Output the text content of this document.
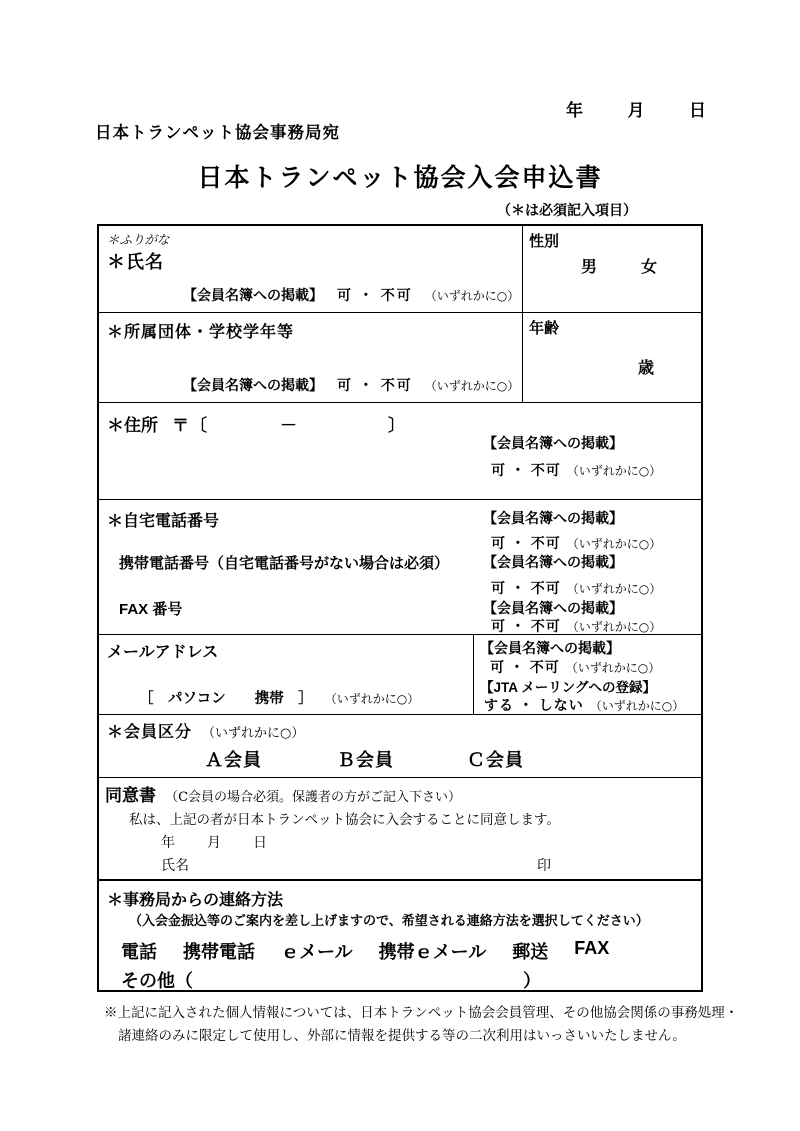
年	月	日
日本トランペット協会事務局宛
日本トランペット協会入会申込書
（＊は必須記入項目）
＊ふりがな
＊氏名
【会員名簿への掲載】 可 ・ 不可 （いずれかに○）
性別
男	女
＊所属団体・学校学年等
【会員名簿への掲載】 可 ・ 不可 （いずれかに○）
年齢
歳
＊住所 〒〔　　　　－　　　　　〕
【会員名簿への掲載】
可 ・ 不可 （いずれかに○）
＊自宅電話番号	【会員名簿への掲載】
可 ・ 不可 （いずれかに○）
携帯電話番号（自宅電話番号がない場合は必須） 【会員名簿への掲載】
可 ・ 不可 （いずれかに○）
FAX 番号	【会員名簿への掲載】
可 ・ 不可 （いずれかに○）
メールアドレス
［　パソコン　　携帯　］ （いずれかに○）
【会員名簿への掲載】
可 ・ 不可 （いずれかに○）
【JTA メーリングへの登録】
する ・ しない （いずれかに○）
＊会員区分 （いずれかに○）
Ａ会員	Ｂ会員	Ｃ会員
同意書 （C会員の場合必須。保護者の方がご記入下さい）
私は、上記の者が日本トランペット協会に入会することに同意します。
年 月 日
氏名	印
＊事務局からの連絡方法
（入会金振込等のご案内を差し上げますので、希望される連絡方法を選択してください）
電話 携帯電話 ｅメール 携帯ｅメール 郵送 FAX
その他（	）
※上記に記入された個人情報については、日本トランペット協会会員管理、その他協会関係の事務処理・
諸連絡のみに限定して使用し、外部に情報を提供する等の二次利用はいっさいいたしません。
